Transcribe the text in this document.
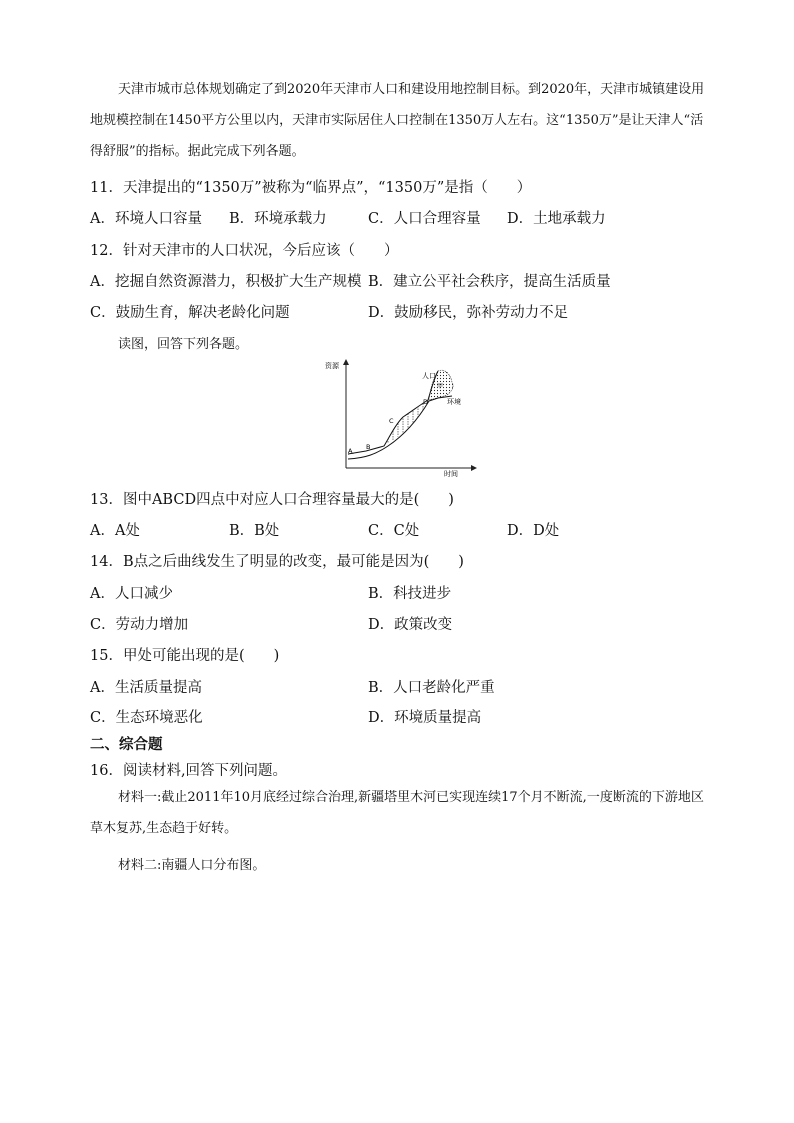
天津市城市总体规划确定了到2020年天津市人口和建设用地控制目标。到2020年，天津市城镇建设用地规模控制在1450平方公里以内，天津市实际居住人口控制在1350万人左右。这“1350万”是让天津人“活得舒服”的指标。据此完成下列各题。

11．天津提出的“1350万”被称为“临界点”，“1350万”是指（　　）
A．环境人口容量 B．环境承载力	C．人口合理容量 D．土地承载力
12．针对天津市的人口状况，今后应该（　　）
A．挖掘自然资源潜力，积极扩大生产规模 B．建立公平社会秩序，提高生活质量
C．鼓励生育，解决老龄化问题	D．鼓励移民，弥补劳动力不足
读图，回答下列各题。
资源
时间
人口
环境
甲
A B
C
D
13．图中ABCD四点中对应人口合理容量最大的是(　　)
A．A处	B．B处	C．C处	D．D处
14．B点之后曲线发生了明显的改变，最可能是因为(　　)
A．人口减少	B．科技进步
C．劳动力增加	D．政策改变
15．甲处可能出现的是(　　)
A．生活质量提高	B．人口老龄化严重
C．生态环境恶化	D．环境质量提高
二、综合题
16．阅读材料,回答下列问题。

材料一:截止2011年10月底经过综合治理,新疆塔里木河已实现连续17个月不断流,一度断流的下游地区草木复苏,生态趋于好转。

材料二:南疆人口分布图。
